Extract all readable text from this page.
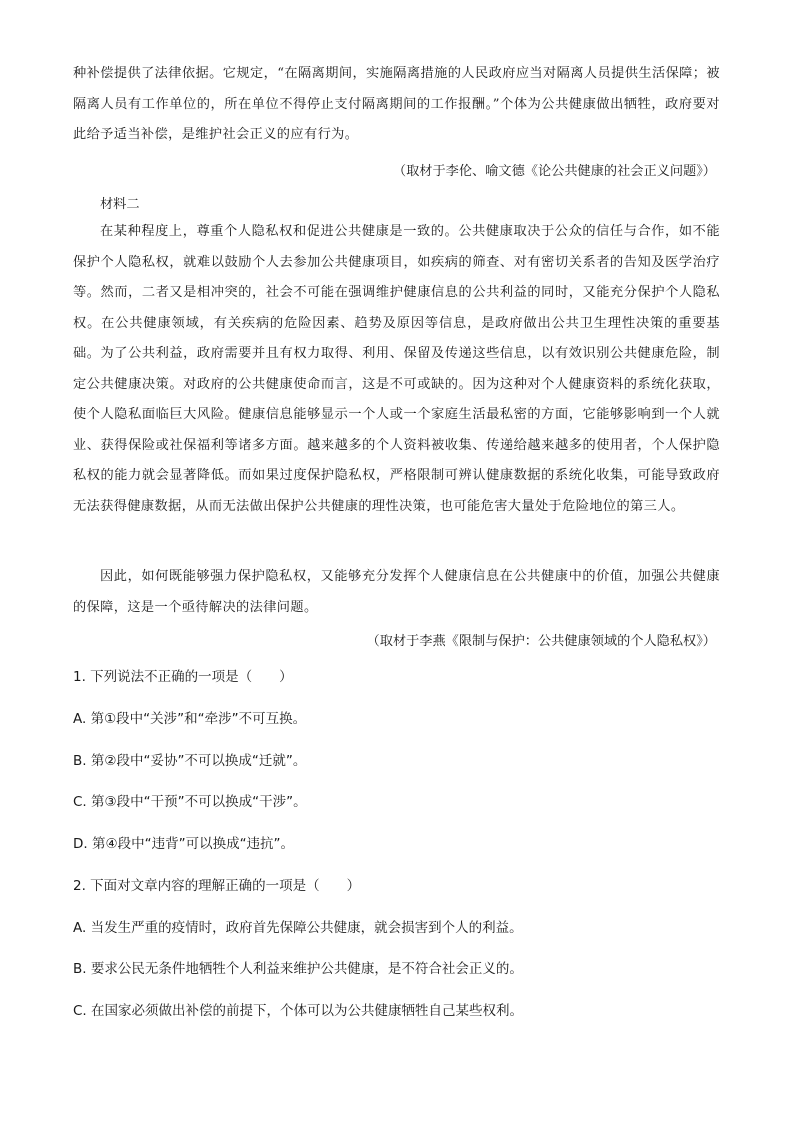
种补偿提供了法律依据。它规定，“在隔离期间，实施隔离措施的人民政府应当对隔离人员提供生活保障；被隔离人员有工作单位的，所在单位不得停止支付隔离期间的工作报酬。”个体为公共健康做出牺牲，政府要对此给予适当补偿，是维护社会正义的应有行为。

（取材于李伦、喻文德《论公共健康的社会正义问题》）
材料二

在某种程度上，尊重个人隐私权和促进公共健康是一致的。公共健康取决于公众的信任与合作，如不能保护个人隐私权，就难以鼓励个人去参加公共健康项目，如疾病的筛查、对有密切关系者的告知及医学治疗等。然而，二者又是相冲突的，社会不可能在强调维护健康信息的公共利益的同时，又能充分保护个人隐私权。在公共健康领域，有关疾病的危险因素、趋势及原因等信息，是政府做出公共卫生理性决策的重要基础。为了公共利益，政府需要并且有权力取得、利用、保留及传递这些信息，以有效识别公共健康危险，制定公共健康决策。对政府的公共健康使命而言，这是不可或缺的。因为这种对个人健康资料的系统化获取，使个人隐私面临巨大风险。健康信息能够显示一个人或一个家庭生活最私密的方面，它能够影响到一个人就业、获得保险或社保福利等诸多方面。越来越多的个人资料被收集、传递给越来越多的使用者，个人保护隐私权的能力就会显著降低。而如果过度保护隐私权，严格限制可辨认健康数据的系统化收集，可能导致政府无法获得健康数据，从而无法做出保护公共健康的理性决策，也可能危害大量处于危险地位的第三人。

因此，如何既能够强力保护隐私权，又能够充分发挥个人健康信息在公共健康中的价值，加强公共健康的保障，这是一个亟待解决的法律问题。

（取材于李燕《限制与保护：公共健康领域的个人隐私权》）
1. 下列说法不正确的一项是（　　）
A. 第①段中“关涉”和“牵涉”不可互换。
B. 第②段中“妥协”不可以换成“迁就”。
C. 第③段中“干预”不可以换成“干涉”。
D. 第④段中“违背”可以换成“违抗”。
2. 下面对文章内容的理解正确的一项是（　　）
A. 当发生严重的疫情时，政府首先保障公共健康，就会损害到个人的利益。
B. 要求公民无条件地牺牲个人利益来维护公共健康，是不符合社会正义的。
C. 在国家必须做出补偿的前提下，个体可以为公共健康牺牲自己某些权利。
